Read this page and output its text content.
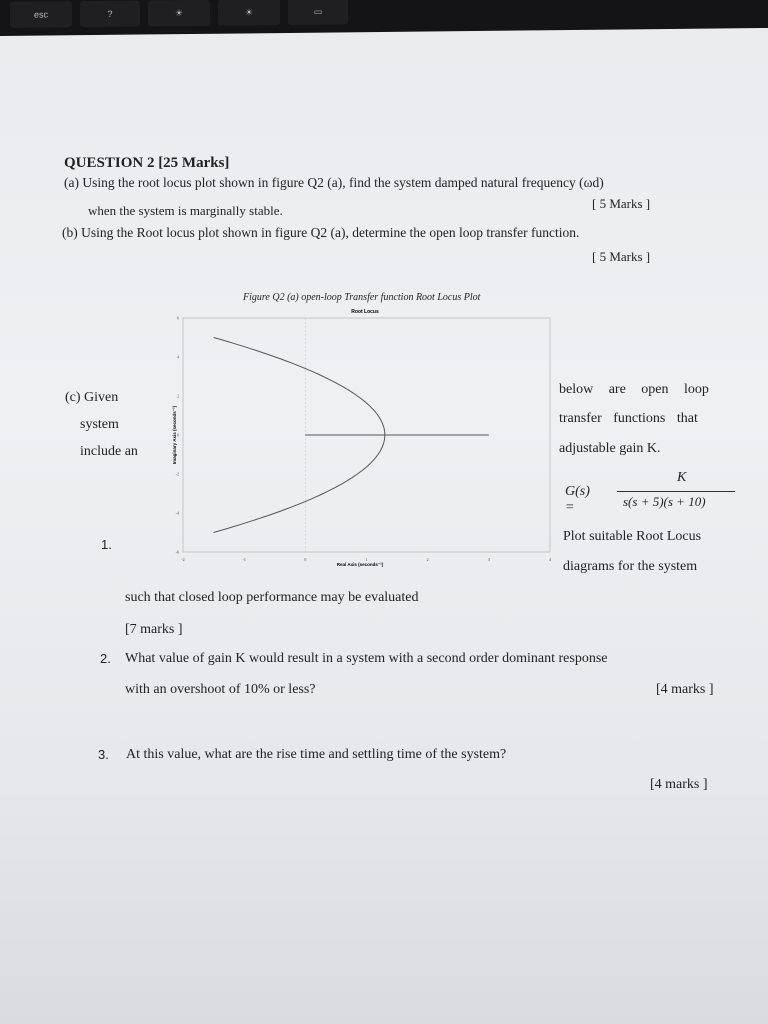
esc	?	☀	☀	▭
QUESTION 2 [25 Marks]
(a) Using the root locus plot shown in figure Q2 (a), find the system damped natural frequency (ωd)
when the system is marginally stable.	[ 5 Marks ]
(b) Using the Root locus plot shown in figure Q2 (a), determine the open loop transfer function.
[ 5 Marks ]
Figure Q2 (a) open-loop Transfer function Root Locus Plot
Root Locus
-2	-1	0	1	2	3	4
6
4
2
0
-2
-4
-6
Real Axis (seconds⁻¹)
Imaginary Axis (seconds⁻¹)
(c) Given
system
include an
below are open loop
transfer functions that
adjustable gain K.
G(s) =
K
s(s + 5)(s + 10)
1.
Plot suitable Root Locus
diagrams for the system
such that closed loop performance may be evaluated
[7 marks ]
2. What value of gain K would result in a system with a second order dominant response
with an overshoot of 10% or less?	[4 marks ]
3. At this value, what are the rise time and settling time of the system?
[4 marks ]
